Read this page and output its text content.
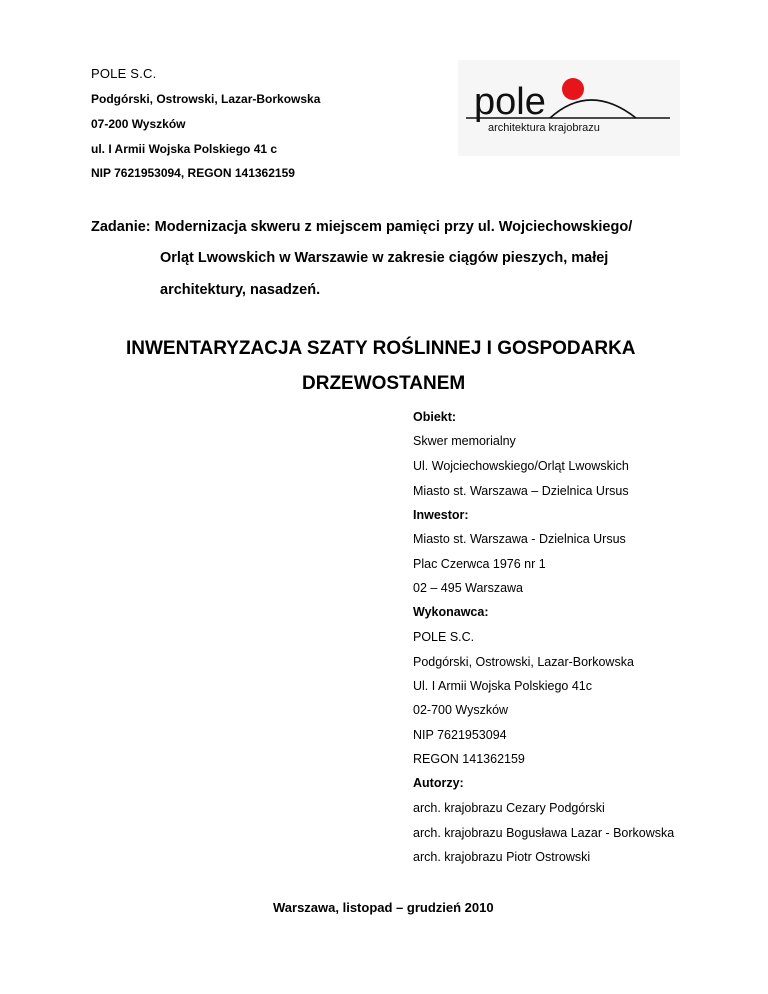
POLE S.C.
Podgórski, Ostrowski, Lazar-Borkowska
07-200 Wyszków
ul. I Armii Wojska Polskiego 41 c
NIP 7621953094, REGON 141362159
pole
architektura krajobrazu
Zadanie: Modernizacja skweru z miejscem pamięci przy ul. Wojciechowskiego/
Orląt Lwowskich w Warszawie w zakresie ciągów pieszych, małej
architektury, nasadzeń.
INWENTARYZACJA SZATY ROŚLINNEJ I GOSPODARKA
DRZEWOSTANEM
Obiekt:
Skwer memorialny
Ul. Wojciechowskiego/Orląt Lwowskich
Miasto st. Warszawa – Dzielnica Ursus
Inwestor:
Miasto st. Warszawa - Dzielnica Ursus
Plac Czerwca 1976 nr 1
02 – 495 Warszawa
Wykonawca:
POLE S.C.
Podgórski, Ostrowski, Lazar-Borkowska
Ul. I Armii Wojska Polskiego 41c
02-700 Wyszków
NIP 7621953094
REGON 141362159
Autorzy:
arch. krajobrazu Cezary Podgórski
arch. krajobrazu Bogusława Lazar - Borkowska
arch. krajobrazu Piotr Ostrowski
Warszawa, listopad – grudzień 2010
